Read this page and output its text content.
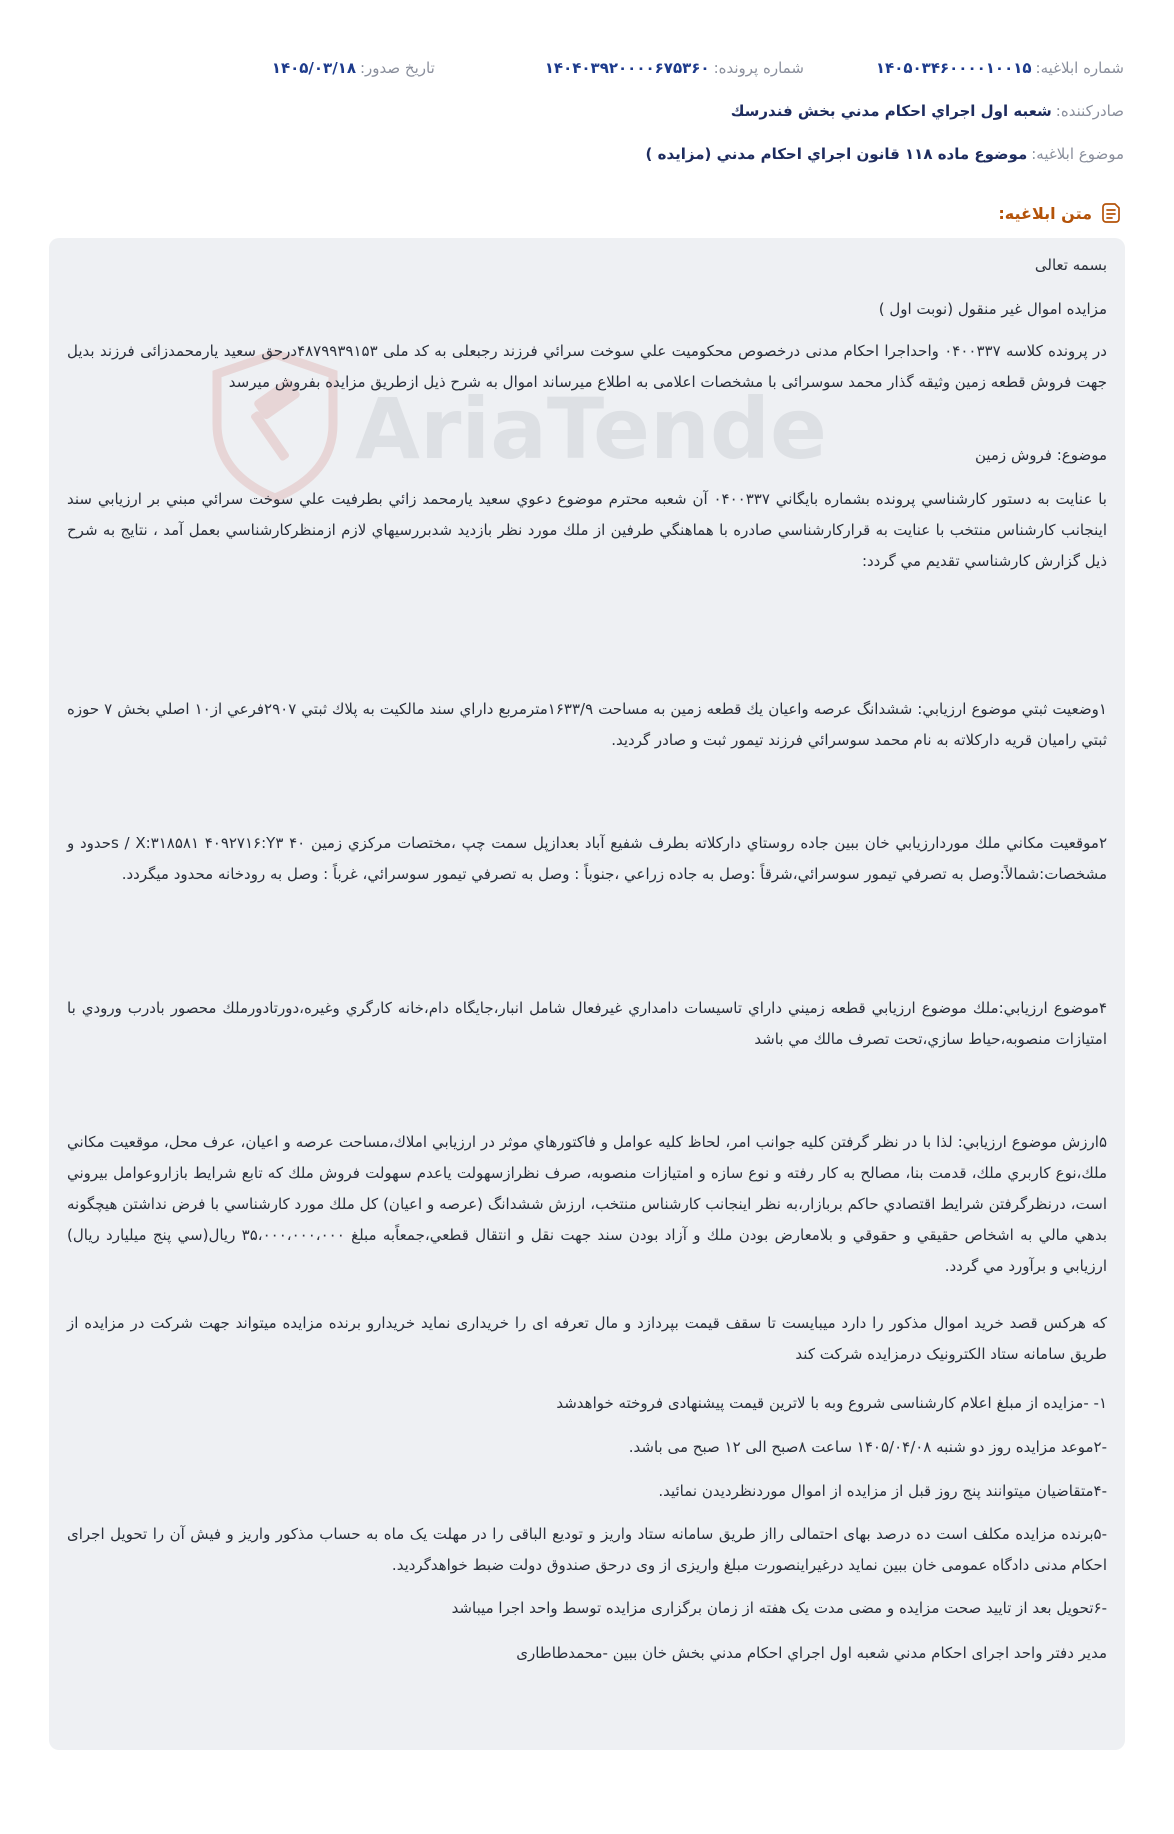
شماره ابلاغيه:
۱۴۰۵۰۳۴۶۰۰۰۰۱۰۰۱۵
شماره پرونده:
۱۴۰۴۰۳۹۲۰۰۰۰۶۷۵۳۶۰
تاريخ صدور:
۱۴۰۵/۰۳/۱۸
صادرکننده:
شعبه اول اجراي احكام مدني بخش فندرسك
موضوع ابلاغيه:
موضوع ماده ۱۱۸ قانون اجراي احكام مدني (مزايده )
متن ابلاغيه:
AriaTende
بسمه تعالی
مزایده اموال غیر منقول (نوبت اول )
در پرونده کلاسه ۰۴۰۰۳۳۷ واحداجرا احکام مدنی درخصوص محکومیت علي سوخت سرائي فرزند رجبعلی به کد ملی ۴۸۷۹۹۳۹۱۵۳درحق سعید یارمحمدزائی فرزند بدیل جهت فروش قطعه زمین وثیقه گذار محمد سوسرائی با مشخصات اعلامی به اطلاع میرساند اموال به شرح ذیل ازطریق مزایده بفروش میرسد
موضوع: فروش زمين
با عنايت به دستور كارشناسي پرونده بشماره بايگاني ۰۴۰۰۳۳۷ آن شعبه محترم موضوع دعوي سعيد يارمحمد زائي بطرفيت علي سوخت سرائي مبني بر ارزيابي سند اينجانب كارشناس منتخب با عنايت به قراركارشناسي صادره با هماهنگي طرفين از ملك مورد نظر بازديد شدبررسيهاي لازم ازمنظركارشناسي بعمل آمد ، نتايج به شرح ذيل گزارش كارشناسي تقديم مي گردد:
۱وضعيت ثبتي موضوع ارزيابي: ششدانگ عرصه واعيان يك قطعه زمين به مساحت ۱۶۳۳/۹مترمربع داراي سند مالكيت به پلاك ثبتي ۲۹۰۷فرعي از۱۰ اصلي بخش ۷ حوزه ثبتي راميان قريه داركلاته به نام محمد سوسرائي فرزند تيمور ثبت و صادر گرديد.
۲موقعيت مكاني ملك موردارزيابي خان ببين جاده روستاي داركلاته بطرف شفيع آباد بعدازپل سمت چپ ،مختصات مركزي زمين ۴۰ s / X:۳۱۸۵۸۱ ۴۰۹۲۷۱۶:Y۳حدود و مشخصات:شمالاً:وصل به تصرفي تيمور سوسرائي،شرقاً :وصل به جاده زراعي ،جنوباً : وصل به تصرفي تيمور سوسرائي، غرباً : وصل به رودخانه محدود ميگردد.
۴موضوع ارزيابي:ملك موضوع ارزيابي قطعه زميني داراي تاسيسات دامداري غيرفعال شامل انبار،جايگاه دام،خانه كارگري وغيره،دورتادورملك محصور بادرب ورودي با امتيازات منصوبه،حياط سازي،تحت تصرف مالك مي باشد
۵ارزش موضوع ارزيابي: لذا با در نظر گرفتن كليه جوانب امر، لحاظ كليه عوامل و فاكتورهاي موثر در ارزيابي املاك،مساحت عرصه و اعيان، عرف محل، موقعيت مكاني ملك،نوع كاربري ملك، قدمت بنا، مصالح به كار رفته و نوع سازه و امتيازات منصوبه، صرف نظرازسهولت ياعدم سهولت فروش ملك كه تابع شرايط بازاروعوامل بيروني است، درنظرگرفتن شرايط اقتصادي حاكم بربازار،به نظر اينجانب كارشناس منتخب، ارزش ششدانگ (عرصه و اعيان) كل ملك مورد كارشناسي با فرض نداشتن هيچگونه بدهي مالي به اشخاص حقيقي و حقوقي و بلامعارض بودن ملك و آزاد بودن سند جهت نقل و انتقال قطعي،جمعاًبه مبلغ ۳۵،۰۰۰،۰۰۰،۰۰۰ ريال(سي پنج ميليارد ريال) ارزيابي و برآورد مي گردد.
که هرکس قصد خرید اموال مذکور را دارد میبایست تا سقف قیمت بپردازد و مال تعرفه ای را خریداری نماید خریدارو برنده مزایده میتواند جهت شرکت در مزایده از طریق سامانه ستاد الکترونیک درمزایده شرکت کند
۱- -مزایده از مبلغ اعلام کارشناسی شروع وبه با لاترین قیمت پیشنهادی فروخته خواهدشد
-۲موعد مزایده روز دو شنبه ۱۴۰۵/۰۴/۰۸ ساعت ۸صبح الی ۱۲ صبح می باشد.
-۴متقاضیان میتوانند پنج روز قبل از مزایده از اموال موردنظردیدن نمائید.
-۵برنده مزایده مکلف است ده درصد بهای احتمالی رااز طریق سامانه ستاد واریز و تودیع الباقی را در مهلت یک ماه به حساب مذکور واریز و فیش آن را تحویل اجرای احکام مدنی دادگاه عمومی خان ببین نماید درغیراینصورت مبلغ واریزی از وی درحق صندوق دولت ضبط خواهدگردید.
-۶تحویل بعد از تایید صحت مزایده و مضی مدت یک هفته از زمان برگزاری مزایده توسط واحد اجرا میباشد
مدیر دفتر واحد اجرای احکام مدني شعبه اول اجراي احكام مدني بخش خان ببين -محمدطاطاری
